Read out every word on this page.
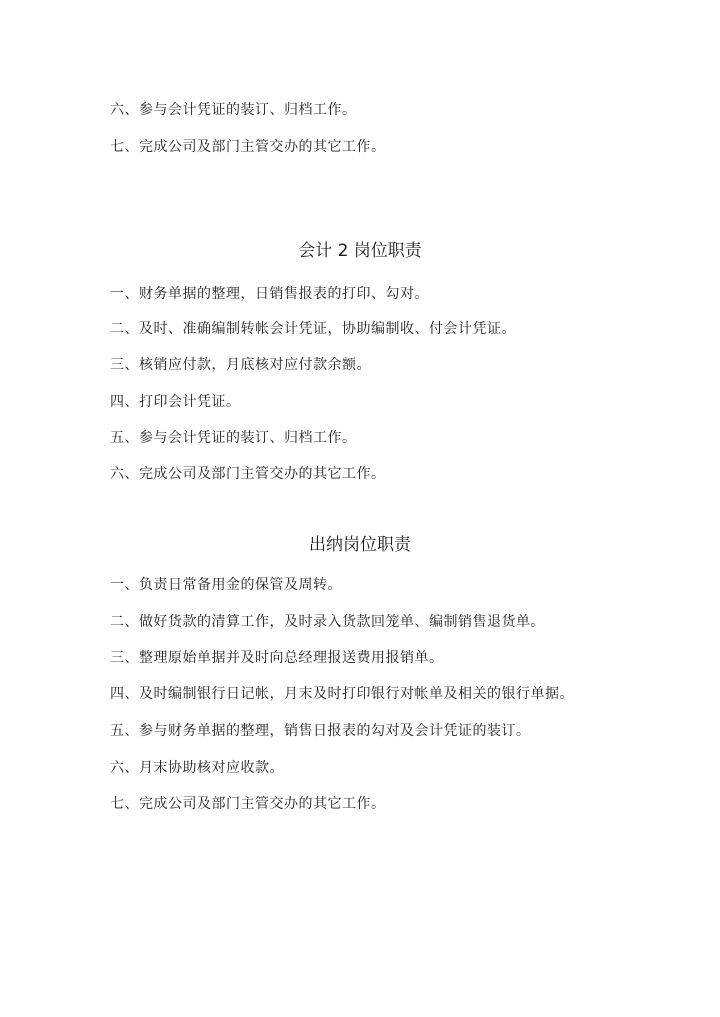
六、参与会计凭证的装订、归档工作。
七、完成公司及部门主管交办的其它工作。
会计 2 岗位职责
一、财务单据的整理，日销售报表的打印、勾对。
二、及时、准确编制转帐会计凭证，协助编制收、付会计凭证。
三、核销应付款，月底核对应付款余额。
四、打印会计凭证。
五、参与会计凭证的装订、归档工作。
六、完成公司及部门主管交办的其它工作。
出纳岗位职责
一、负责日常备用金的保管及周转。
二、做好货款的清算工作，及时录入货款回笼单、编制销售退货单。
三、整理原始单据并及时向总经理报送费用报销单。
四、及时编制银行日记帐，月末及时打印银行对帐单及相关的银行单据。
五、参与财务单据的整理，销售日报表的勾对及会计凭证的装订。
六、月末协助核对应收款。
七、完成公司及部门主管交办的其它工作。
